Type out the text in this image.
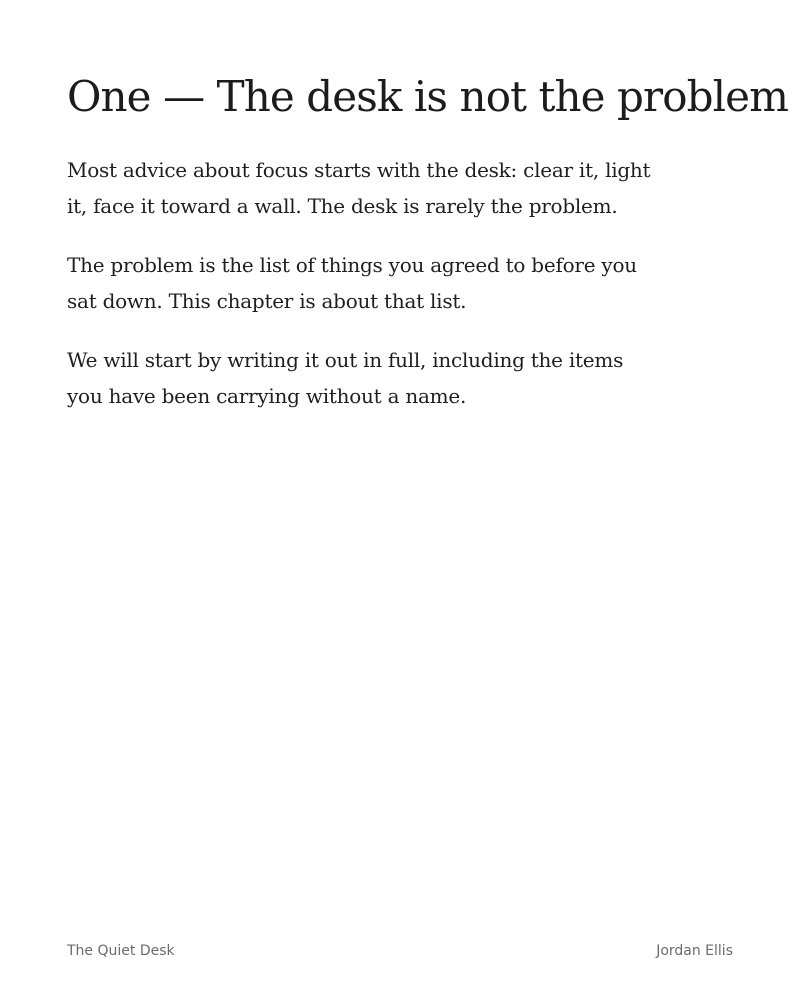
One — The desk is not the problem

Most advice about focus starts with the desk: clear it, light it, face it toward a wall. The desk is rarely the problem.

The problem is the list of things you agreed to before you sat down. This chapter is about that list.

We will start by writing it out in full, including the items you have been carrying without a name.

The Quiet Desk	Jordan Ellis
